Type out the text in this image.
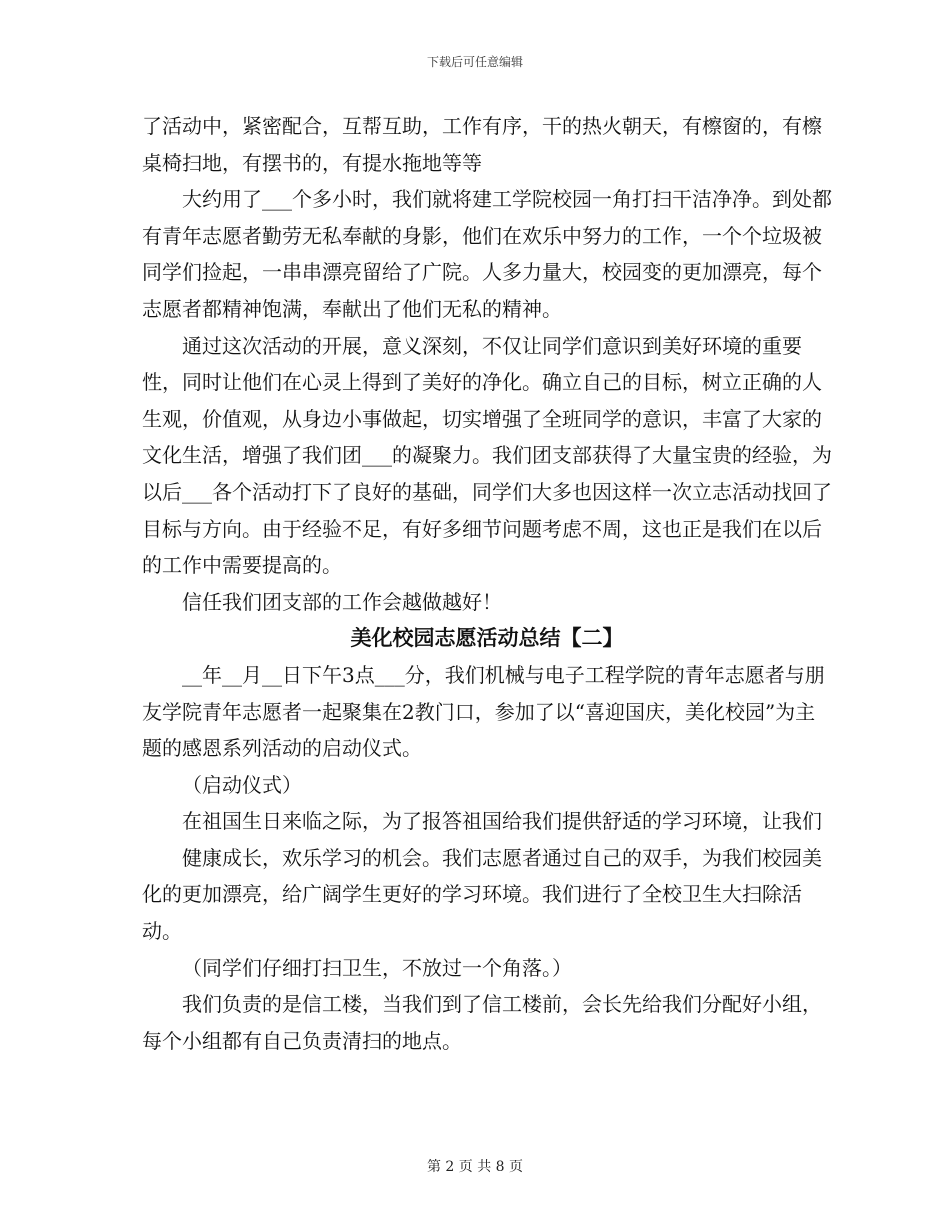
下载后可任意编辑

了活动中，紧密配合，互帮互助，工作有序，干的热火朝天，有檫窗的，有檫桌椅扫地，有摆书的，有提水拖地等等

大约用了___个多小时，我们就将建工学院校园一角打扫干洁净净。到处都有青年志愿者勤劳无私奉献的身影，他们在欢乐中努力的工作，一个个垃圾被同学们捡起，一串串漂亮留给了广院。人多力量大，校园变的更加漂亮，每个志愿者都精神饱满，奉献出了他们无私的精神。

通过这次活动的开展，意义深刻，不仅让同学们意识到美好环境的重要性，同时让他们在心灵上得到了美好的净化。确立自己的目标，树立正确的人生观，价值观，从身边小事做起，切实增强了全班同学的意识，丰富了大家的文化生活，增强了我们团___的凝聚力。我们团支部获得了大量宝贵的经验，为以后___各个活动打下了良好的基础，同学们大多也因这样一次立志活动找回了目标与方向。由于经验不足，有好多细节问题考虑不周，这也正是我们在以后的工作中需要提高的。

信任我们团支部的工作会越做越好！

美化校园志愿活动总结【二】

__年__月__日下午3点___分，我们机械与电子工程学院的青年志愿者与朋友学院青年志愿者一起聚集在2教门口，参加了以“喜迎国庆，美化校园”为主题的感恩系列活动的启动仪式。

（启动仪式）

在祖国生日来临之际，为了报答祖国给我们提供舒适的学习环境，让我们

健康成长，欢乐学习的机会。我们志愿者通过自己的双手，为我们校园美化的更加漂亮，给广阔学生更好的学习环境。我们进行了全校卫生大扫除活动。

（同学们仔细打扫卫生，不放过一个角落。）

我们负责的是信工楼，当我们到了信工楼前，会长先给我们分配好小组，每个小组都有自己负责清扫的地点。

第 2 页 共 8 页
